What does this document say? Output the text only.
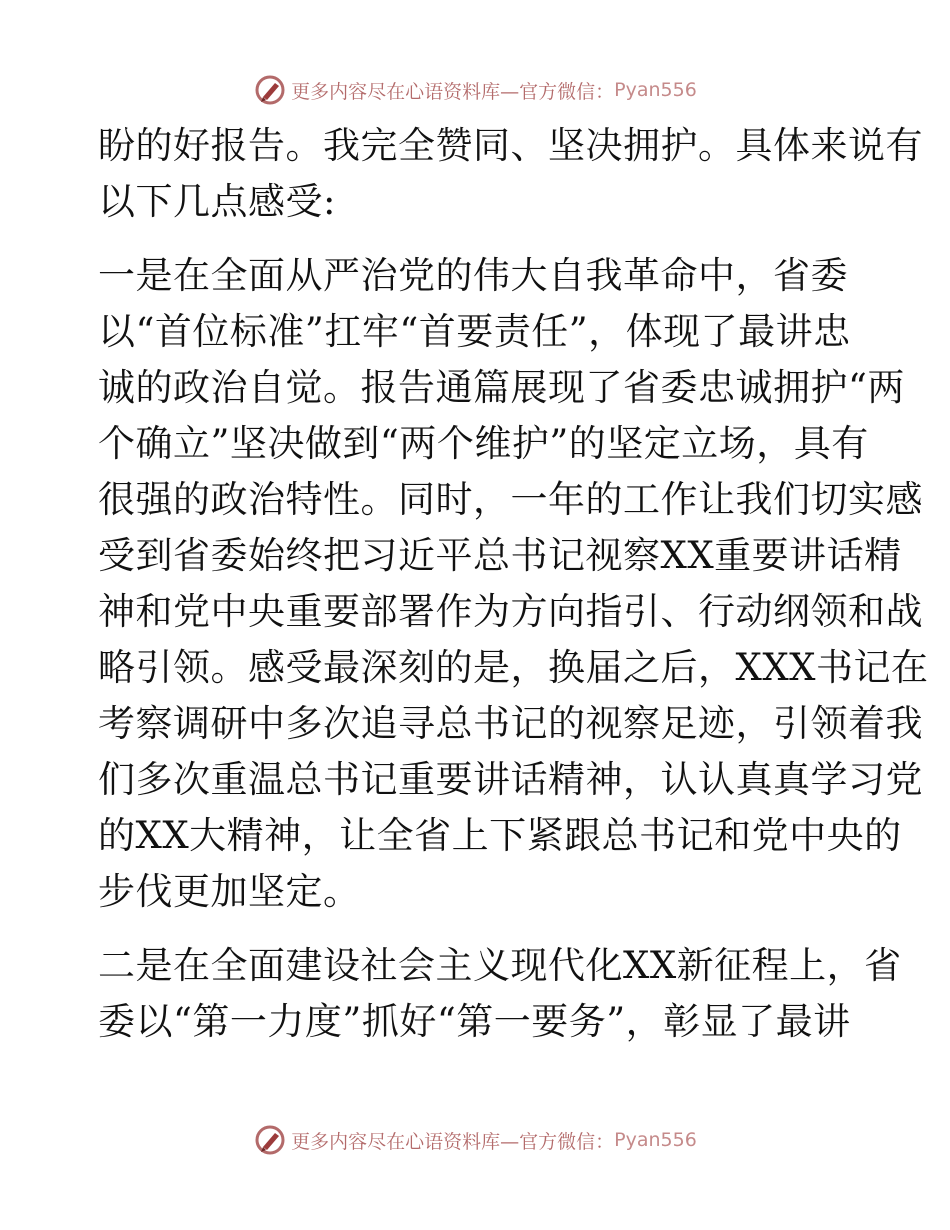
更多内容尽在心语资料库—官方微信： Pyan556
盼的好报告。我完全赞同、坚决拥护。具体来说有
以下几点感受:
一是在全面从严治党的伟大自我革命中，省委
以“首位标准”扛牢“首要责任”，体现了最讲忠
诚的政治自觉。报告通篇展现了省委忠诚拥护“两
个确立”坚决做到“两个维护”的坚定立场，具有
很强的政治特性。同时，一年的工作让我们切实感
受到省委始终把习近平总书记视察XX重要讲话精
神和党中央重要部署作为方向指引、行动纲领和战
略引领。感受最深刻的是，换届之后，XXX书记在
考察调研中多次追寻总书记的视察足迹，引领着我
们多次重温总书记重要讲话精神，认认真真学习党
的XX大精神，让全省上下紧跟总书记和党中央的
步伐更加坚定。
二是在全面建设社会主义现代化XX新征程上，省
委以“第一力度”抓好“第一要务”，彰显了最讲
更多内容尽在心语资料库—官方微信： Pyan556
